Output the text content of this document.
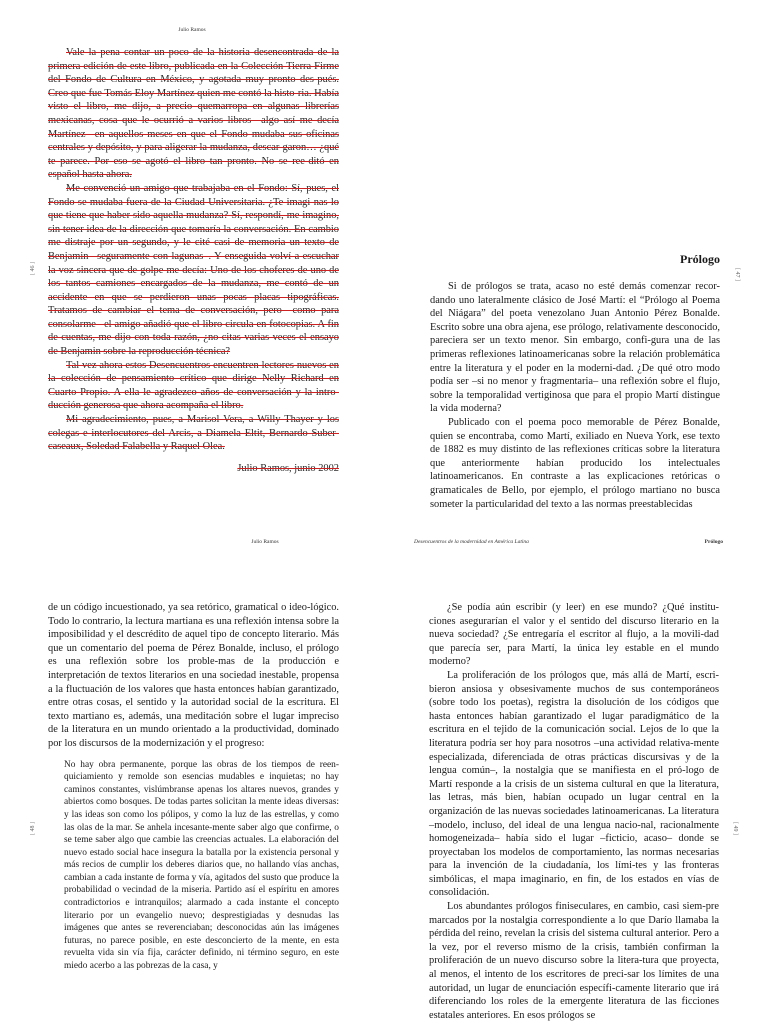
Julio Ramos
[ 46 ]

Vale la pena contar un poco de la historia desencontrada de la primera edición de este libro, publicada en la Colección Tierra Firme del Fondo de Cultura en México, y agotada muy pronto des-pués. Creo que fue Tomás Eloy Martínez quien me contó la histo-ria. Había visto el libro, me dijo, a precio quemarropa en algunas librerías mexicanas, cosa que le ocurrió a varios libros –algo así me decía Martínez– en aquellos meses en que el Fondo mudaba sus oficinas centrales y depósito, y para aligerar la mudanza, descar-garon… ¿qué te parece. Por eso se agotó el libro tan pronto. No se ree-ditó en español hasta ahora.

Me convenció un amigo que trabajaba en el Fondo: Sí, pues, el Fondo se mudaba fuera de la Ciudad Universitaria. ¿Te imagi-nas lo que tiene que haber sido aquella mudanza? Sí, respondí, me imagino, sin tener idea de la dirección que tomaría la conversación. En cambio me distraje por un segundo, y le cité casi de memoria un texto de Benjamin –seguramente con lagunas–. Y enseguida volví a escuchar la voz sincera que de golpe me decía: Uno de los choferes de uno de los tantos camiones encargados de la mudanza, me contó de un accidente en que se perdieron unas pocas placas tipográficas. Tratamos de cambiar el tema de conversación, pero –como para consolarme– el amigo añadió que el libro circula en fotocopias. A fin de cuentas, me dijo con toda razón, ¿no citas varias veces el ensayo de Benjamin sobre la reproducción técnica?

Tal vez ahora estos Desencuentros encuentren lectores nuevos en la colección de pensamiento crítico que dirige Nelly Richard en Cuarto Propio. A ella le agradezco años de conversación y la intro-ducción generosa que ahora acompaña el libro.

Mi agradecimiento, pues, a Marisol Vera, a Willy Thayer y los colegas e interlocutores del Arcis, a Diamela Eltit, Bernardo Suber-caseaux, Soledad Falabella y Raquel Olea.

Julio Ramos, junio 2002
Prólogo
[ 47 ]

Si de prólogos se trata, acaso no esté demás comenzar recor-dando uno lateralmente clásico de José Martí: el “Prólogo al Poema del Niágara” del poeta venezolano Juan Antonio Pérez Bonalde. Escrito sobre una obra ajena, ese prólogo, relativamente desconocido, pareciera ser un texto menor. Sin embargo, confi-gura una de las primeras reflexiones latinoamericanas sobre la relación problemática entre la literatura y el poder en la moderni-dad. ¿De qué otro modo podía ser –si no menor y fragmentaria– una reflexión sobre el flujo, sobre la temporalidad vertiginosa que para el propio Martí distingue la vida moderna?

Publicado con el poema poco memorable de Pérez Bonalde, quien se encontraba, como Martí, exiliado en Nueva York, ese texto de 1882 es muy distinto de las reflexiones críticas sobre la literatura que anteriormente habían producido los intelectuales latinoamericanos. En contraste a las explicaciones retóricas o gramaticales de Bello, por ejemplo, el prólogo martiano no busca someter la particularidad del texto a las normas preestablecidas

Julio Ramos
[ 48 ]

de un código incuestionado, ya sea retórico, gramatical o ideo-lógico. Todo lo contrario, la lectura martiana es una reflexión intensa sobre la imposibilidad y el descrédito de aquel tipo de concepto literario. Más que un comentario del poema de Pérez Bonalde, incluso, el prólogo es una reflexión sobre los proble-mas de la producción e interpretación de textos literarios en una sociedad inestable, propensa a la fluctuación de los valores que hasta entonces habían garantizado, entre otras cosas, el sentido y la autoridad social de la escritura. El texto martiano es, además, una meditación sobre el lugar impreciso de la literatura en un mundo orientado a la productividad, dominado por los discursos de la modernización y el progreso:

No hay obra permanente, porque las obras de los tiempos de reen-quiciamiento y remolde son esencias mudables e inquietas; no hay caminos constantes, vislúmbranse apenas los altares nuevos, grandes y abiertos como bosques. De todas partes solicitan la mente ideas diversas: y las ideas son como los pólipos, y como la luz de las estrellas, y como las olas de la mar. Se anhela incesante-mente saber algo que confirme, o se teme saber algo que cambie las creencias actuales. La elaboración del nuevo estado social hace insegura la batalla por la existencia personal y más recios de cumplir los deberes diarios que, no hallando vías anchas, cambian a cada instante de forma y vía, agitados del susto que produce la probabilidad o vecindad de la miseria. Partido así el espíritu en amores contradictorios e intranquilos; alarmado a cada instante el concepto literario por un evangelio nuevo; desprestigiadas y desnudas las imágenes que antes se reverenciaban; desconocidas aún las imágenes futuras, no parece posible, en este desconcierto de la mente, en esta revuelta vida sin vía fija, carácter definido, ni término seguro, en este miedo acerbo a las pobrezas de la casa, y

Desencuentros de la modernidad en América Latina	Prólogo
[ 49 ]

¿Se podía aún escribir (y leer) en ese mundo? ¿Qué institu-ciones asegurarían el valor y el sentido del discurso literario en la nueva sociedad? ¿Se entregaría el escritor al flujo, a la movili-dad que parecía ser, para Martí, la única ley estable en el mundo moderno?

La proliferación de los prólogos que, más allá de Martí, escri-bieron ansiosa y obsesivamente muchos de sus contemporáneos (sobre todo los poetas), registra la disolución de los códigos que hasta entonces habían garantizado el lugar paradigmático de la escritura en el tejido de la comunicación social. Lejos de lo que la literatura podría ser hoy para nosotros –una actividad relativa-mente especializada, diferenciada de otras prácticas discursivas y de la lengua común–, la nostalgia que se manifiesta en el pró-logo de Martí responde a la crisis de un sistema cultural en que la literatura, las letras, más bien, habían ocupado un lugar central en la organización de las nuevas sociedades latinoamericanas. La literatura –modelo, incluso, del ideal de una lengua nacio-nal, racionalmente homogeneizada– había sido el lugar –ficticio, acaso– donde se proyectaban los modelos de comportamiento, las normas necesarias para la invención de la ciudadanía, los lími-tes y las fronteras simbólicas, el mapa imaginario, en fin, de los estados en vías de consolidación.

Los abundantes prólogos finiseculares, en cambio, casi siem-pre marcados por la nostalgia correspondiente a lo que Darío llamaba la pérdida del reino, revelan la crisis del sistema cultural anterior. Pero a la vez, por el reverso mismo de la crisis, también confirman la proliferación de un nuevo discurso sobre la litera-tura que proyecta, al menos, el intento de los escritores de preci-sar los límites de una autoridad, un lugar de enunciación específi-camente literario que irá diferenciando los roles de la emergente literatura de las ficciones estatales anteriores. En esos prólogos se
